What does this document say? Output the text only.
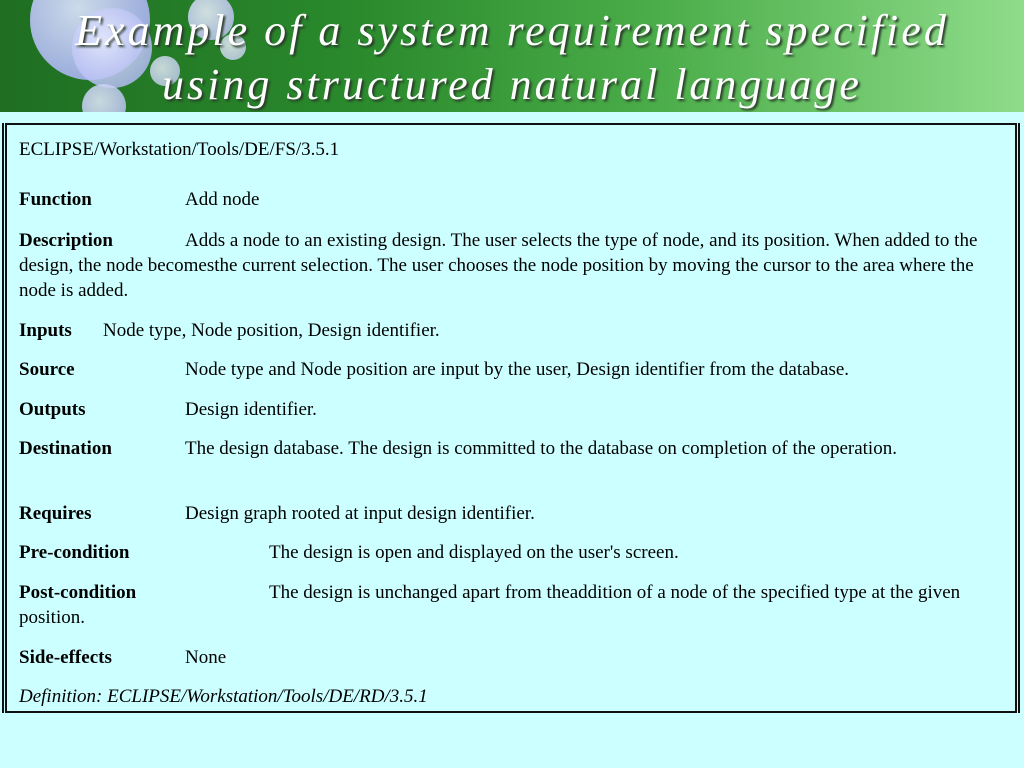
Example of a system requirement specified
using structured natural language
ECLIPSE/Workstation/Tools/DE/FS/3.5.1
Function	Add node
Description	Adds a node to an existing design. The user selects the type of node, and its position. When added to the design, the node becomesthe current selection. The user chooses the node position by moving the cursor to the area where the node is added.
Inputs Node type, Node position, Design identifier.
Source	Node type and Node position are input by the user, Design identifier from the database.
Outputs	Design identifier.
Destination	The design database. The design is committed to the database on completion of the operation.
Requires	Design graph rooted at input design identifier.
Pre-condition	The design is open and displayed on the user's screen.
Post-condition	The design is unchanged apart from theaddition of a node of the specified type at the given position.
Side-effects	None
Definition: ECLIPSE/Workstation/Tools/DE/RD/3.5.1
